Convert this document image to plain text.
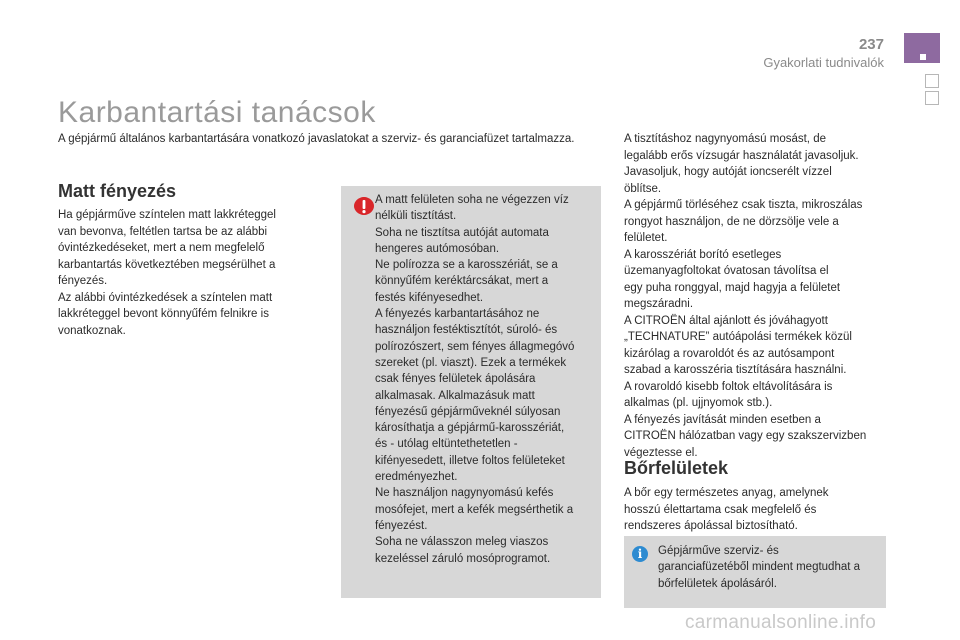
237
Gyakorlati tudnivalók
Karbantartási tanácsok

A gépjármű általános karbantartására vonatkozó javaslatokat a szerviz- és garanciafüzet tartalmazza.

Matt fényezés

Ha gépjárműve színtelen matt lakkréteggel
van bevonva, feltétlen tartsa be az alábbi
óvintézkedéseket, mert a nem megfelelő
karbantartás következtében megsérülhet a
fényezés.
Az alábbi óvintézkedések a színtelen matt
lakkréteggel bevont könnyűfém felnikre is
vonatkoznak.

A matt felületen soha ne végezzen víz
nélküli tisztítást.
Soha ne tisztítsa autóját automata
hengeres autómosóban.
Ne polírozza se a karosszériát, se a
könnyűfém keréktárcsákat, mert a
festés kifényesedhet.
A fényezés karbantartásához ne
használjon festéktisztítót, súroló- és
polírozószert, sem fényes állagmegóvó
szereket (pl. viaszt). Ezek a termékek
csak fényes felületek ápolására
alkalmasak. Alkalmazásuk matt
fényezésű gépjárműveknél súlyosan
károsíthatja a gépjármű-karosszériát,
és - utólag eltüntethetetlen -
kifényesedett, illetve foltos felületeket
eredményezhet.
Ne használjon nagynyomású kefés
mosófejet, mert a kefék megsérthetik a
fényezést.
Soha ne válasszon meleg viaszos
kezeléssel záruló mosóprogramot.

A tisztításhoz nagynyomású mosást, de
legalább erős vízsugár használatát javasoljuk.
Javasoljuk, hogy autóját ioncserélt vízzel
öblítse.
A gépjármű törléséhez csak tiszta, mikroszálas
rongyot használjon, de ne dörzsölje vele a
felületet.
A karosszériát borító esetleges
üzemanyagfoltokat óvatosan távolítsa el
egy puha ronggyal, majd hagyja a felületet
megszáradni.
A CITROËN által ajánlott és jóváhagyott
„TECHNATURE” autóápolási termékek közül
kizárólag a rovaroldót és az autósampont
szabad a karosszéria tisztítására használni.
A rovaroldó kisebb foltok eltávolítására is
alkalmas (pl. ujjnyomok stb.).
A fényezés javítását minden esetben a
CITROËN hálózatban vagy egy szakszervizben
végeztesse el.

Bőrfelületek

A bőr egy természetes anyag, amelynek
hosszú élettartama csak megfelelő és
rendszeres ápolással biztosítható.

i	Gépjárműve szerviz- és
garanciafüzetéből mindent megtudhat a
bőrfelületek ápolásáról.

carmanualsonline.info
